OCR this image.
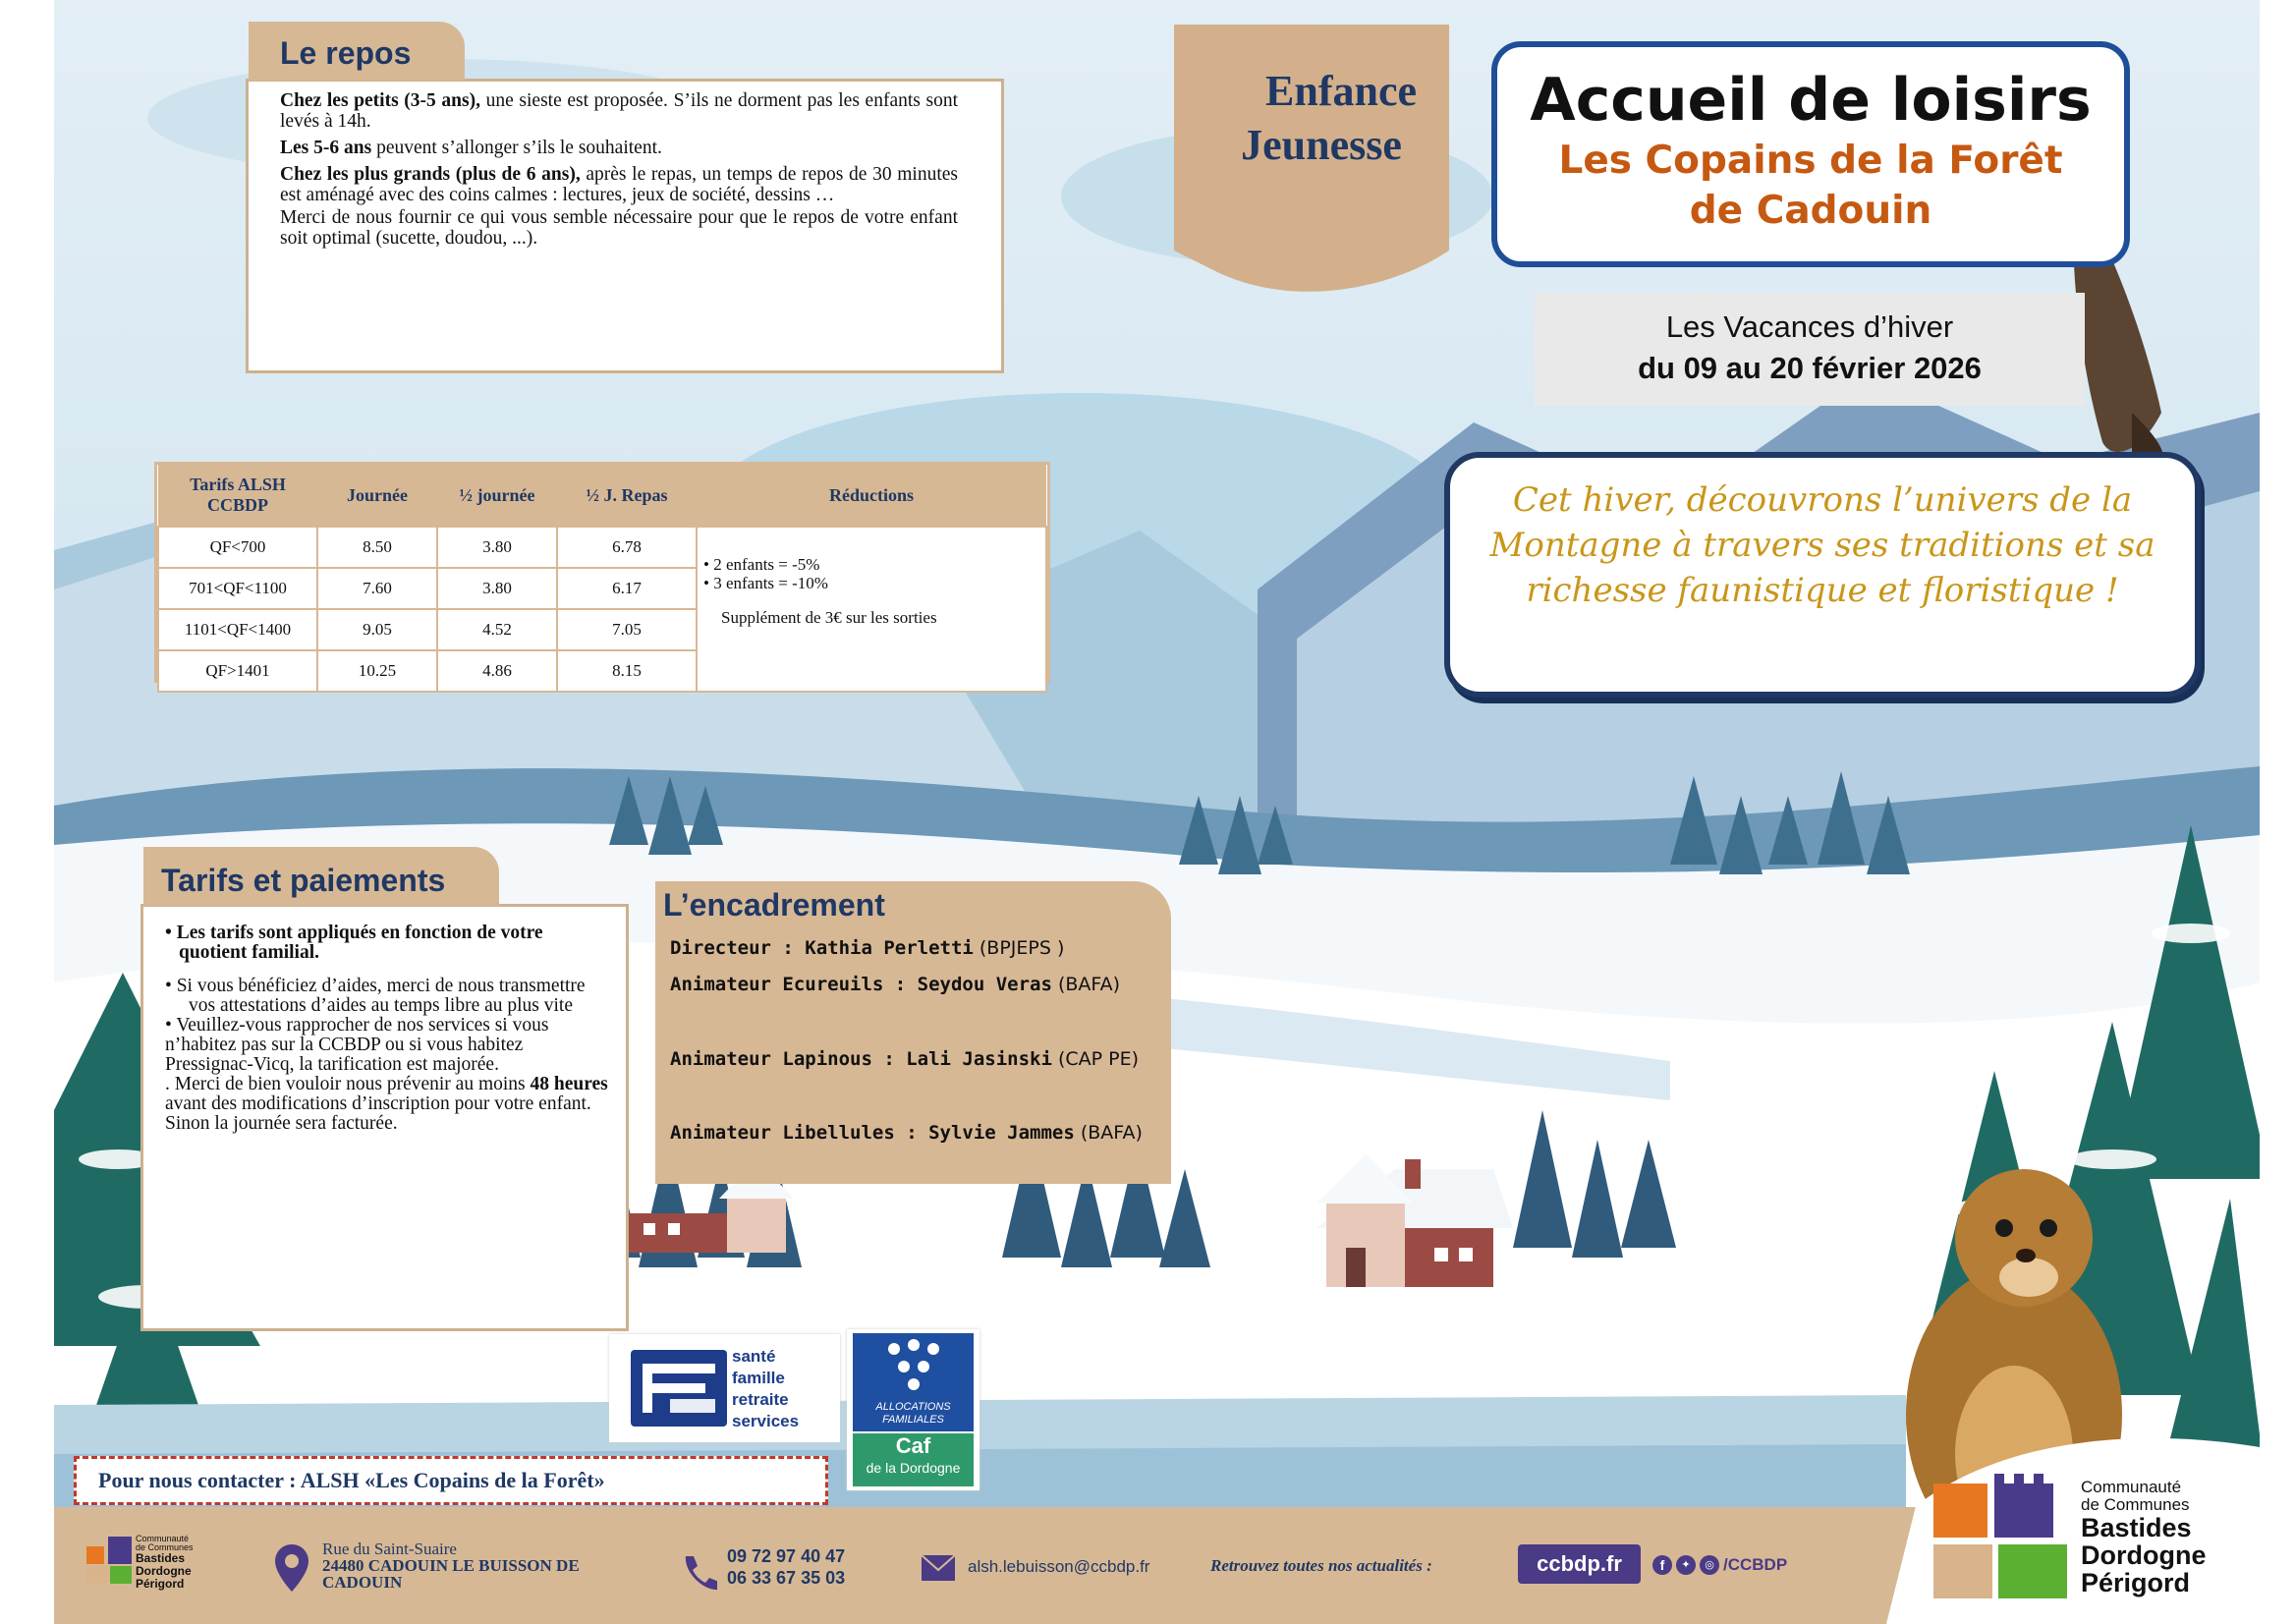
Le repos

Chez les petits (3-5 ans), une sieste est proposée. S’ils ne dorment pas les enfants sont levés à 14h.

Les 5-6 ans peuvent s’allonger s’ils le souhaitent.

Chez les plus grands (plus de 6 ans), après le repas, un temps de repos de 30 minutes est aménagé avec des coins calmes : lectures, jeux de société, dessins …

Merci de nous fournir ce qui vous semble nécessaire pour que le repos de votre enfant soit optimal (sucette, doudou, ...).

Enfance
Jeunesse
Accueil de loisirs
Les Copains de la Forêt
de Cadouin
Les Vacances d’hiver
du 09 au 20 février 2026
Cet hiver, découvrons l’univers de la Montagne à travers ses traditions et sa richesse faunistique et floristique !
Tarifs ALSH CCBDP	Journée	½ journée	½ J. Repas	Réductions
QF<700	8.50	3.80	6.78	• 2 enfants = -5%
• 3 enfants = -10%
Supplément de 3€ sur les sorties

701<QF<1100	7.60	3.80	6.17	
1101<QF<1400	9.05	4.52	7.05	
QF>1401	10.25	4.86	8.15	
Tarifs et paiements

• Les tarifs sont appliqués en fonction de votre quotient familial.

• Si vous bénéficiez d’aides, merci de nous transmettre vos attestations d’aides au temps libre au plus vite

• Veuillez-vous rapprocher de nos services si vous n’habitez pas sur la CCBDP ou si vous habitez Pressignac-Vicq, la tarification est majorée.

. Merci de bien vouloir nous prévenir au moins 48 heures avant des modifications d’inscription pour votre enfant. Sinon la journée sera facturée.

L’encadrement
Directeur : Kathia Perletti (BPJEPS )
Animateur Ecureuils : Seydou Veras (BAFA)
Animateur Lapinous : Lali Jasinski (CAP PE)
Animateur Libellules : Sylvie Jammes (BAFA)
santé
famille
retraite
services
ALLOCATIONS
FAMILIALES
Caf
de la Dordogne
Pour nous contacter : ALSH «Les Copains de la Forêt»
Communauté
de Communes
Bastides
Dordogne
Périgord
Rue du Saint-Suaire
24480 CADOUIN LE BUISSON DE
CADOUIN
09 72 97 40 47
06 33 67 35 03
alsh.lebuisson@ccbdp.fr	Retrouvez toutes nos actualités :	ccbdp.fr	f	✦	◎ /CCBDP
Communauté
de Communes
Bastides
Dordogne
Périgord
